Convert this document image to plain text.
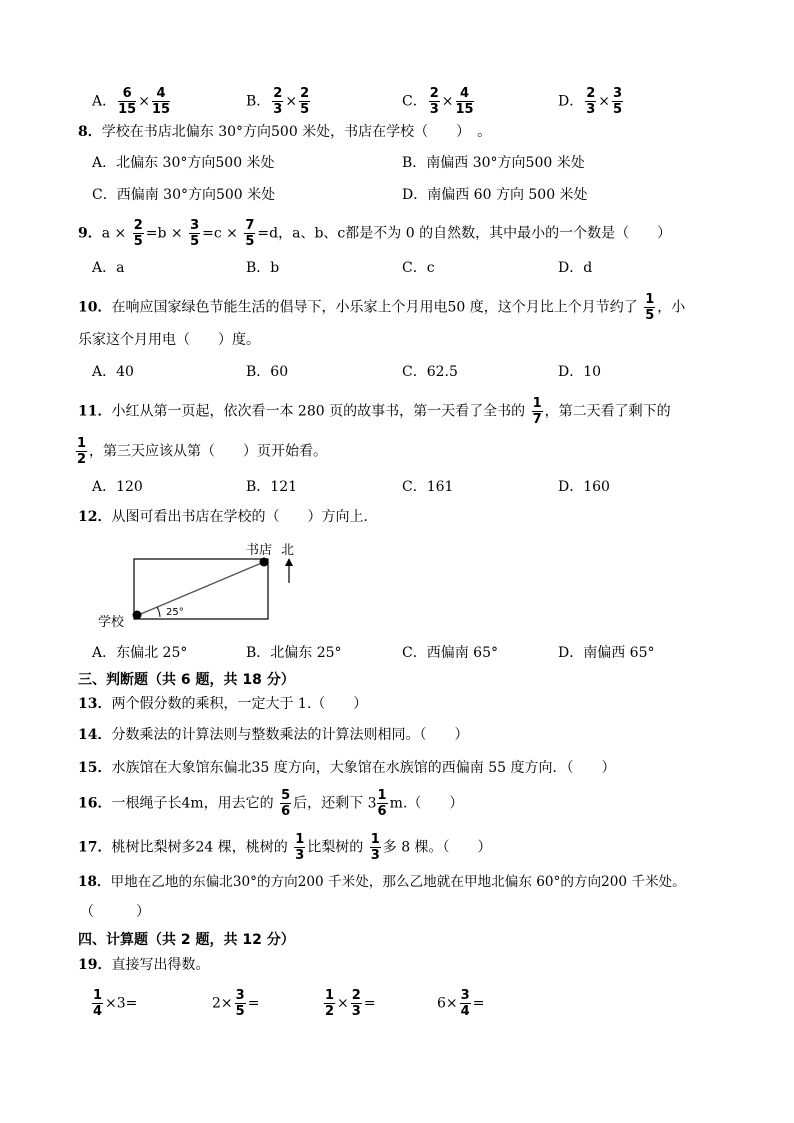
A． $\frac{6}{15} \times \frac{4}{15}$	B． $\frac{2}{3} \times \frac{2}{5}$	C． $\frac{2}{3} \times \frac{4}{15}$	D． $\frac{2}{3} \times \frac{3}{5}$
8．学校在书店北偏东 30°方向500 米处，书店在学校（　　）　。
A．北偏东 30°方向500 米处	B．南偏西 30°方向500 米处
C．西偏南 30°方向500 米处	D．南偏西 60 方向 500 米处
9．$a \times \frac{2}{5} =b \times \frac{3}{5} =c \times \frac{7}{5} =d$，a、b、c都是不为 0 的自然数，其中最小的一个数是（　　）
A．a	B．b	C．c	D．d
10．在响应国家绿色节能生活的倡导下，小乐家上个月用电50 度，这个月比上个月节约了 $\frac{1}{5}$ ，小
乐家这个月用电（　　）度。
A．40	B．60	C．62.5	D．10
11．小红从第一页起，依次看一本 280 页的故事书，第一天看了全书的 $\frac{1}{7}$ ，第二天看了剩下的
$\frac{1}{2}$ ，第三天应该从第（　　）页开始看。
A．120	B．121	C．161	D．160
12．从图可看出书店在学校的（　　）方向上．
25°
书店 北
学校
A．东偏北 25°	B．北偏东 25°	C．西偏南 65°	D．南偏西 65°
三、判断题（共 6 题，共 18 分）
13．两个假分数的乘积，一定大于 1.（　　）
14．分数乘法的计算法则与整数乘法的计算法则相同。（　　）
15．水族馆在大象馆东偏北35 度方向，大象馆在水族馆的西偏南 55 度方向．（　　）
16．一根绳子长4m，用去它的 $\frac{5}{6}$ 后，还剩下 $3 \frac{1}{6} m$.（　　）
17．桃树比梨树多24 棵，桃树的 $\frac{1}{3}$ 比梨树的 $\frac{1}{3}$ 多 8 棵。（　　）
18．甲地在乙地的东偏北30°的方向200 千米处，那么乙地就在甲地北偏东 60°的方向200 千米处。
（　　　）
四、计算题（共 2 题，共 12 分）
19．直接写出得数。
$\frac{1}{4} \times 3=$	$2\times \frac{3}{5}$ =	$\frac{1}{2} \times \frac{2}{3}$ =	$6\times \frac{3}{4}$ =
